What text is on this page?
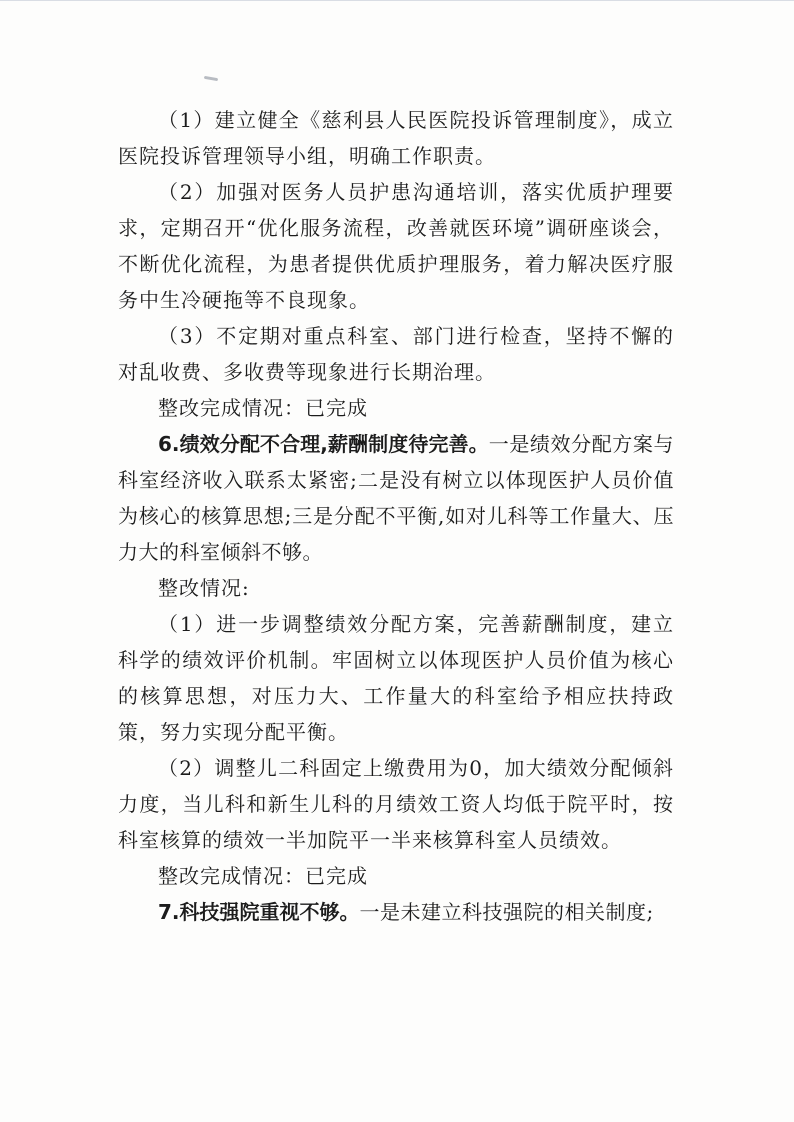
（1）建立健全《慈利县人民医院投诉管理制度》，成立医院投诉管理领导小组，明确工作职责。

（2）加强对医务人员护患沟通培训，落实优质护理要求，定期召开“优化服务流程，改善就医环境”调研座谈会，不断优化流程，为患者提供优质护理服务，着力解决医疗服务中生冷硬拖等不良现象。

（3）不定期对重点科室、部门进行检查，坚持不懈的对乱收费、多收费等现象进行长期治理。

整改完成情况：已完成

6.绩效分配不合理,薪酬制度待完善。一是绩效分配方案与科室经济收入联系太紧密;二是没有树立以体现医护人员价值为核心的核算思想;三是分配不平衡,如对儿科等工作量大、压力大的科室倾斜不够。

整改情况:

（1）进一步调整绩效分配方案，完善薪酬制度，建立科学的绩效评价机制。牢固树立以体现医护人员价值为核心的核算思想，对压力大、工作量大的科室给予相应扶持政策，努力实现分配平衡。

（2）调整儿二科固定上缴费用为0，加大绩效分配倾斜力度，当儿科和新生儿科的月绩效工资人均低于院平时，按科室核算的绩效一半加院平一半来核算科室人员绩效。

整改完成情况：已完成

7.科技强院重视不够。一是未建立科技强院的相关制度;
